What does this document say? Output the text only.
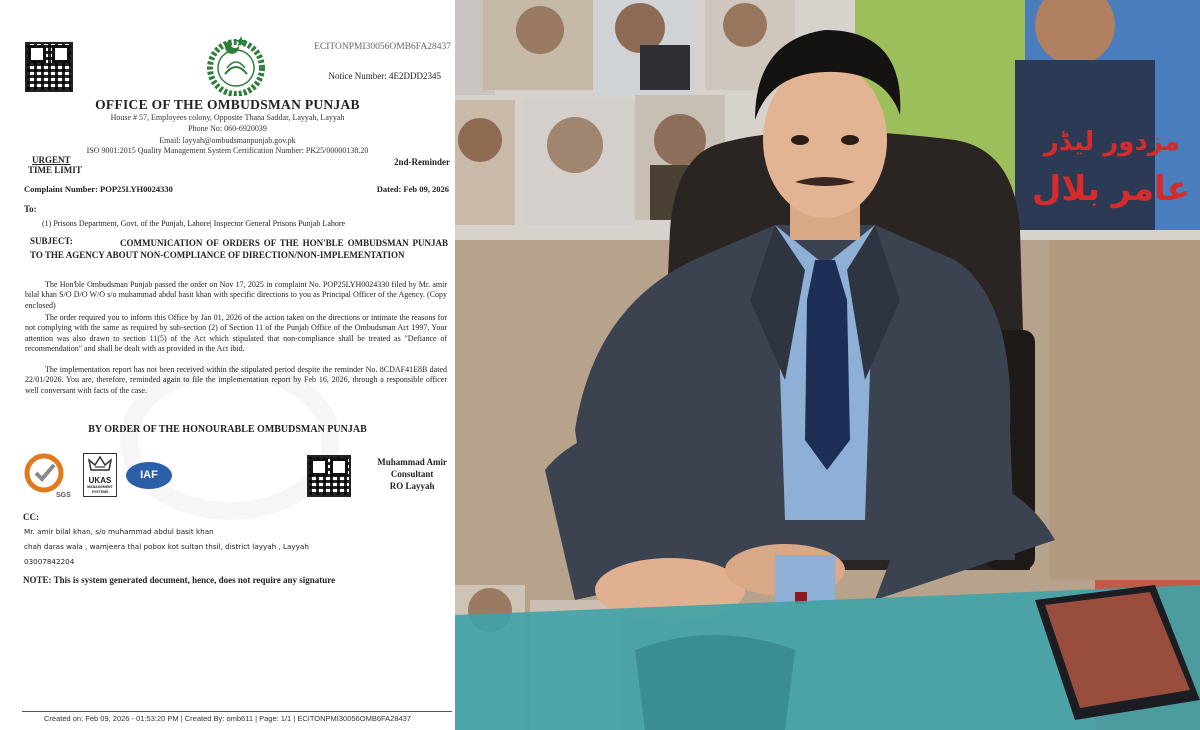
ECITONPMI30056OMB6FA28437
Notice Number: 4E2DDD2345
OFFICE OF THE OMBUDSMAN PUNJAB
House # 57, Employees colony, Opposite Thana Saddar, Layyah, Layyah
Phone No: 060-6920039
Email: layyah@ombudsmanpunjab.gov.pk
ISO 9001:2015 Quality Management System Certification Number: PK25/00000138.20
URGENT
TIME LIMIT
2nd-Reminder
Complaint Number: POP25LYH0024330	Dated: Feb 09, 2026
To:
(1) Prisons Department, Govt. of the Punjab, Lahore| Inspector General Prisons Punjab Lahore
SUBJECT:	COMMUNICATION OF ORDERS OF THE HON'BLE OMBUDSMAN PUNJAB TO THE AGENCY ABOUT NON-COMPLIANCE OF DIRECTION/NON-IMPLEMENTATION
The Hon'ble Ombudsman Punjab passed the order on Nov 17, 2025 in complaint No. POP25LYH0024330 filed by Mr. amir bilal khan S/O D/O W/O s/o muhammad abdul basit khan with specific directions to you as Principal Officer of the Agency. (Copy enclosed)
The order required you to inform this Office by Jan 01, 2026 of the action taken on the directions or intimate the reasons for not complying with the same as required by sub-section (2) of Section 11 of the Punjab Office of the Ombudsman Act 1997. Your attention was also drawn to section 11(5) of the Act which stipulated that non-compliance shall be treated as "Defiance of recommendation" and shall be dealt with as provided in the Act ibid.
The implementation report has not been received within the stipulated period despite the reminder No. 8CDAF41E8B dated 22/01/2026. You are, therefore, reminded again to file the implementation report by Feb 16, 2026, through a responsible officer well conversant with facts of the case.
BY ORDER OF THE HONOURABLE OMBUDSMAN PUNJAB
SGS
UKAS
MANAGEMENT SYSTEMS
IAF
Muhammad Amir
Consultant
RO Layyah
CC:
Mr. amir bilal khan, s/o muhammad abdul basit khan
chah daras wala , wamjeera thal pobox kot sultan thsil, district layyah , Layyah
03007842204
NOTE: This is system generated document, hence, does not require any signature
Created on: Feb 09, 2026 - 01:53:20 PM | Created By: omb611 | Page: 1/1 | ECITONPMI30056OMB6FA28437
مزدور لیڈر
عامر بلال
